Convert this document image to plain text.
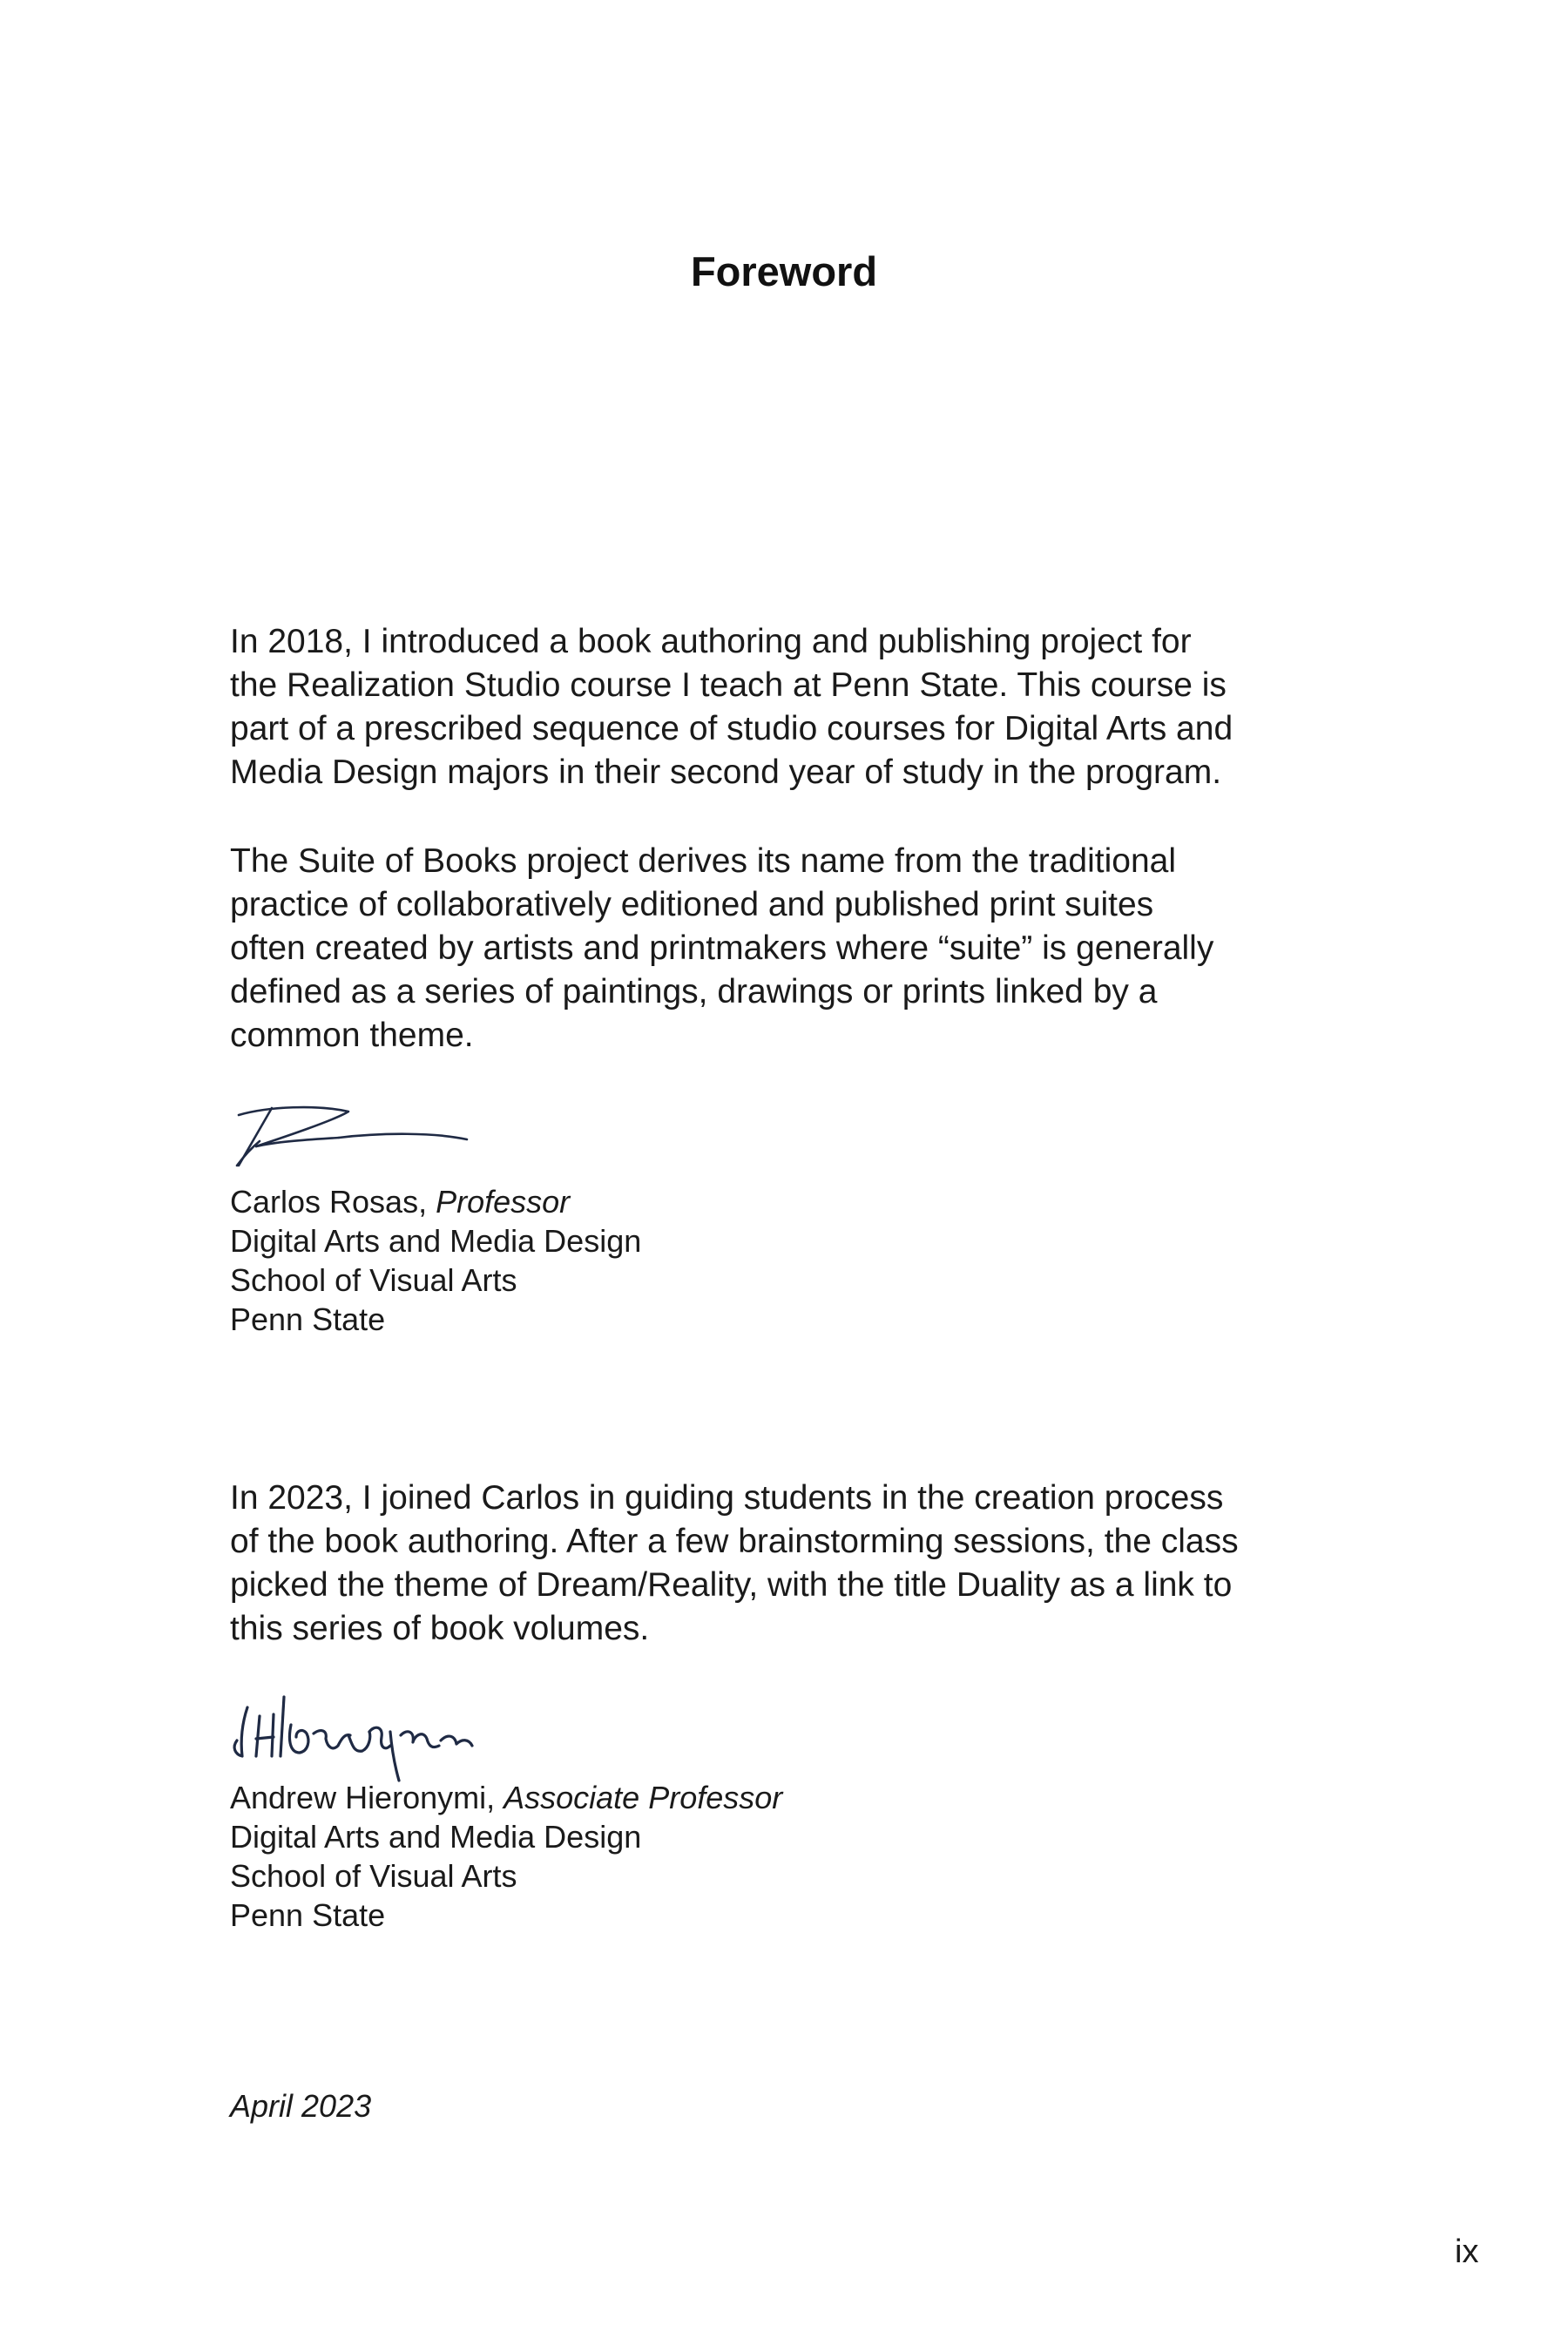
Foreword

In 2018, I introduced a book authoring and publishing project for
the Realization Studio course I teach at Penn State. This course is
part of a prescribed sequence of studio courses for Digital Arts and
Media Design majors in their second year of study in the program.

The Suite of Books project derives its name from the traditional
practice of collaboratively editioned and published print suites
often created by artists and printmakers where “suite” is generally
defined as a series of paintings, drawings or prints linked by a
common theme.

Carlos Rosas, Professor
Digital Arts and Media Design
School of Visual Arts
Penn State

In 2023, I joined Carlos in guiding students in the creation process
of the book authoring. After a few brainstorming sessions, the class
picked the theme of Dream/Reality, with the title Duality as a link to
this series of book volumes.

Andrew Hieronymi, Associate Professor
Digital Arts and Media Design
School of Visual Arts
Penn State
April 2023
ix
